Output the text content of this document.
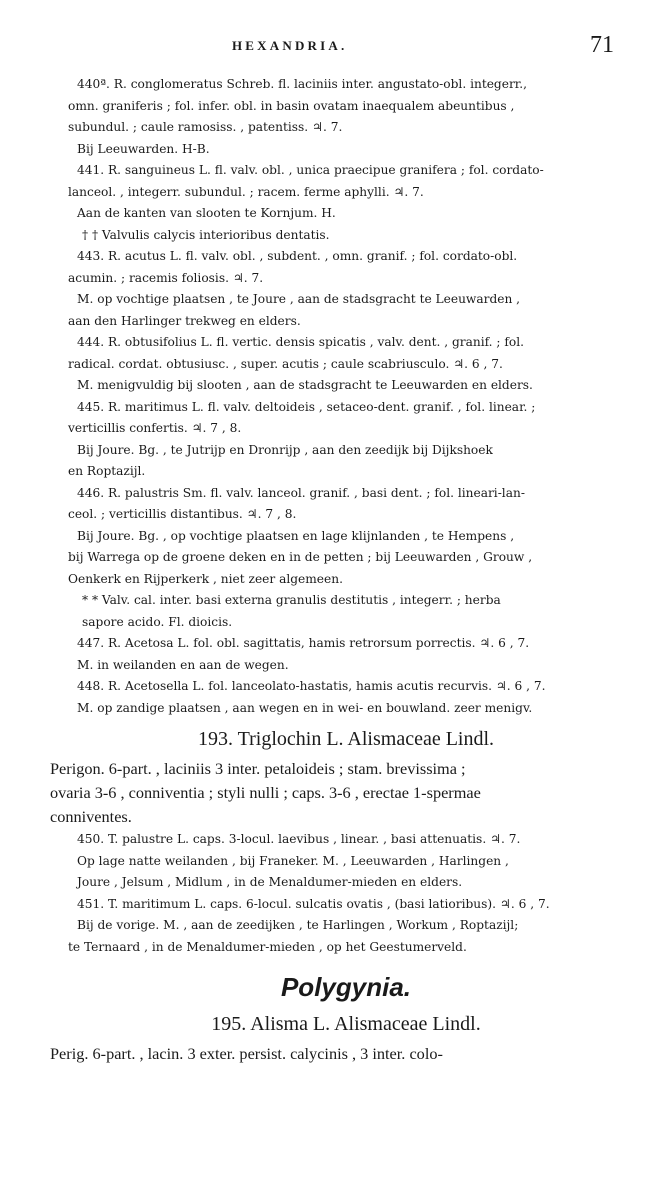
HEXANDRIA.	71

440ª. R. conglomeratus Schreb. fl. laciniis inter. angustato-obl. integerr.,

omn. graniferis ; fol. infer. obl. in basin ovatam inaequalem abeuntibus ,

subundul. ; caule ramosiss. , patentiss. ♃. 7.

Bij Leeuwarden. H-B.

441. R. sanguineus L. fl. valv. obl. , unica praecipue granifera ; fol. cordato-

lanceol. , integerr. subundul. ; racem. ferme aphylli. ♃. 7.

Aan de kanten van slooten te Kornjum. H.

† † Valvulis calycis interioribus dentatis.

443. R. acutus L. fl. valv. obl. , subdent. , omn. granif. ; fol. cordato-obl.

acumin. ; racemis foliosis. ♃. 7.

M. op vochtige plaatsen , te Joure , aan de stadsgracht te Leeuwarden ,

aan den Harlinger trekweg en elders.

444. R. obtusifolius L. fl. vertic. densis spicatis , valv. dent. , granif. ; fol.

radical. cordat. obtusiusc. , super. acutis ; caule scabriusculo. ♃. 6 , 7.

M. menigvuldig bij slooten , aan de stadsgracht te Leeuwarden en elders.

445. R. maritimus L. fl. valv. deltoideis , setaceo-dent. granif. , fol. linear. ;

verticillis confertis. ♃. 7 , 8.

Bij Joure. Bg. , te Jutrijp en Dronrijp , aan den zeedijk bij Dijkshoek

en Roptazijl.

446. R. palustris Sm. fl. valv. lanceol. granif. , basi dent. ; fol. lineari-lan-

ceol. ; verticillis distantibus. ♃. 7 , 8.

Bij Joure. Bg. , op vochtige plaatsen en lage klijnlanden , te Hempens ,

bij Warrega op de groene deken en in de petten ; bij Leeuwarden , Grouw ,

Oenkerk en Rijperkerk , niet zeer algemeen.

* * Valv. cal. inter. basi externa granulis destitutis , integerr. ; herba

sapore acido. Fl. dioicis.

447. R. Acetosa L. fol. obl. sagittatis, hamis retrorsum porrectis. ♃. 6 , 7.

M. in weilanden en aan de wegen.

448. R. Acetosella L. fol. lanceolato-hastatis, hamis acutis recurvis. ♃. 6 , 7.

M. op zandige plaatsen , aan wegen en in wei- en bouwland. zeer menigv.

193. Triglochin L. Alismaceae Lindl.
Perigon. 6-part. , laciniis 3 inter. petaloideis ; stam. brevissima ;
ovaria 3-6 , conniventia ; styli nulli ; caps. 3-6 , erectae 1-spermae
conniventes.

450. T. palustre L. caps. 3-locul. laevibus , linear. , basi attenuatis. ♃. 7.

Op lage natte weilanden , bij Franeker. M. , Leeuwarden , Harlingen ,

Joure , Jelsum , Midlum , in de Menaldumer-mieden en elders.

451. T. maritimum L. caps. 6-locul. sulcatis ovatis , (basi latioribus). ♃. 6 , 7.

Bij de vorige. M. , aan de zeedijken , te Harlingen , Workum , Roptazijl;

te Ternaard , in de Menaldumer-mieden , op het Geestumerveld.

Polygynia.
195. Alisma L. Alismaceae Lindl.
Perig. 6-part. , lacin. 3 exter. persist. calycinis , 3 inter. colo-
